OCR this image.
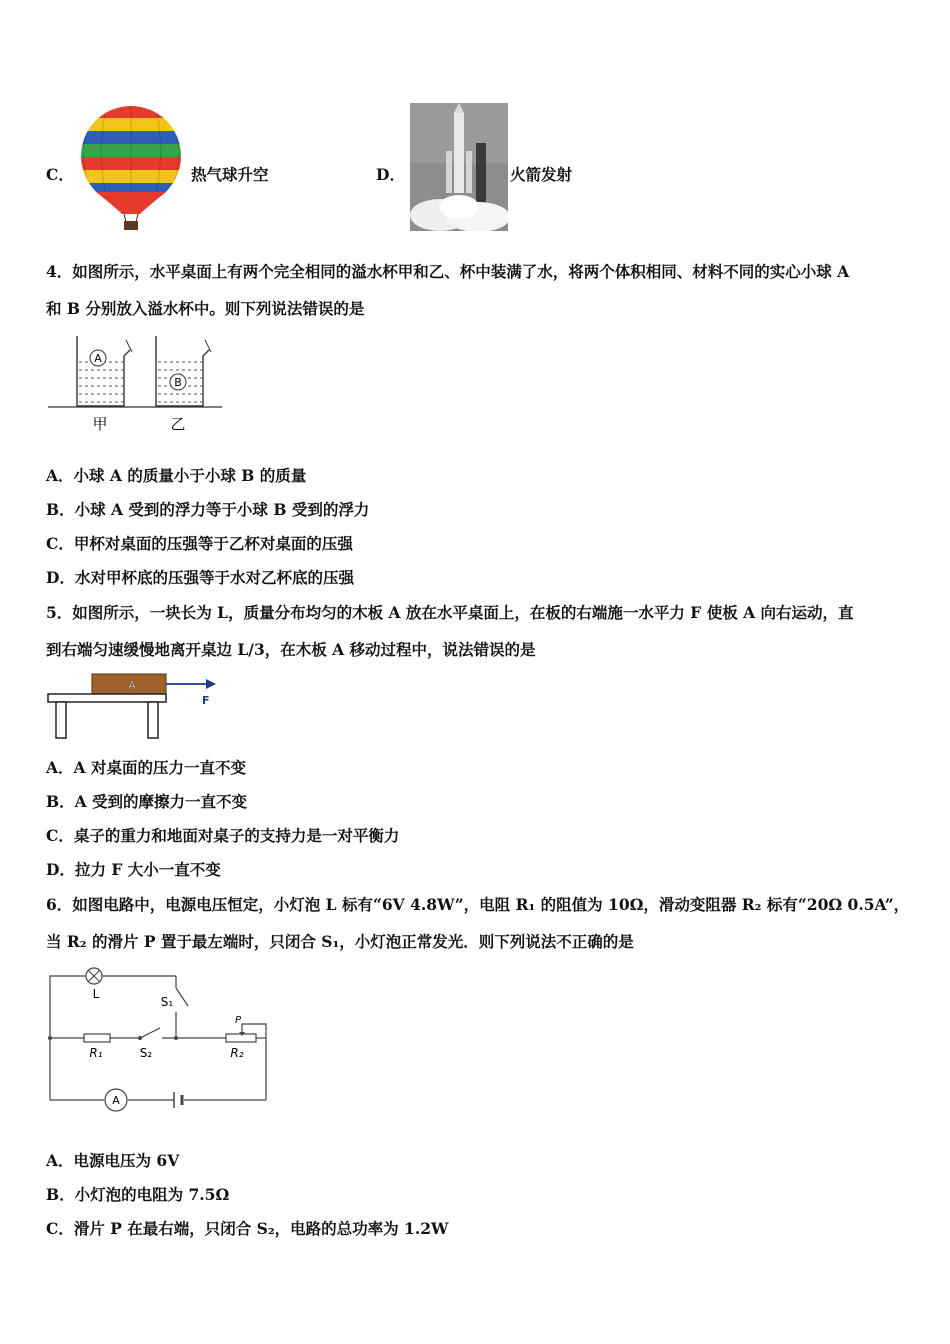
C．	热气球升空	D．	火箭发射
4．如图所示，水平桌面上有两个完全相同的溢水杯甲和乙、杯中装满了水，将两个体积相同、材料不同的实心小球 A
和 B 分别放入溢水杯中。则下列说法错误的是
A
B
甲	乙
A．小球 A 的质量小于小球 B 的质量
B．小球 A 受到的浮力等于小球 B 受到的浮力
C．甲杯对桌面的压强等于乙杯对桌面的压强
D．水对甲杯底的压强等于水对乙杯底的压强
5．如图所示，一块长为 L，质量分布均匀的木板 A 放在水平桌面上，在板的右端施一水平力 F 使板 A 向右运动，直
到右端匀速缓慢地离开桌边 L/3，在木板 A 移动过程中，说法错误的是
A
F
A．A 对桌面的压力一直不变
B．A 受到的摩擦力一直不变
C．桌子的重力和地面对桌子的支持力是一对平衡力
D．拉力 F 大小一直不变
6．如图电路中，电源电压恒定，小灯泡 L 标有“6V 4.8W”，电阻 R₁ 的阻值为 10Ω，滑动变阻器 R₂ 标有“20Ω 0.5A”，
当 R₂ 的滑片 P 置于最左端时，只闭合 S₁，小灯泡正常发光．则下列说法不正确的是
A
L
S₁
R₁	S₂	R₂
P
A．电源电压为 6V
B．小灯泡的电阻为 7.5Ω
C．滑片 P 在最右端，只闭合 S₂，电路的总功率为 1.2W
